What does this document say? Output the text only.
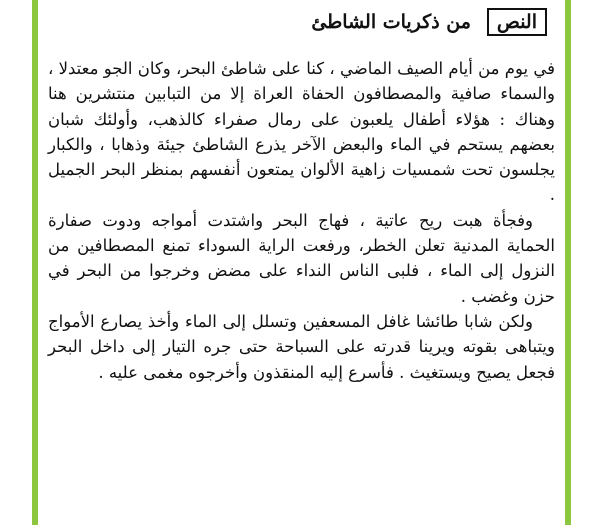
النص
من ذكريات الشاطئ

في يوم من أيام الصيف الماضي ، كنا على شاطئ البحر، وكان الجو معتدلا ، والسماء صافية والمصطافون الحفاة العراة إلا من التبابين منتشرين هنا وهناك : هؤلاء أطفال يلعبون على رمال صفراء كالذهب، وأولئك شبان بعضهم يستحم في الماء والبعض الآخر يذرع الشاطئ جيئة وذهابا ، والكبار يجلسون تحت شمسيات زاهية الألوان يمتعون أنفسهم بمنظر البحر الجميل .

وفجأة هبت ريح عاتية ، فهاج البحر واشتدت أمواجه ودوت صفارة الحماية المدنية تعلن الخطر، ورفعت الراية السوداء تمنع المصطافين من النزول إلى الماء ، فلبى الناس النداء على مضض وخرجوا من البحر في حزن وغضب .

ولكن شابا طائشا غافل المسعفين وتسلل إلى الماء وأخذ يصارع الأمواج ويتباهى بقوته ويرينا قدرته على السباحة حتى جره التيار إلى داخل البحر فجعل يصيح ويستغيث . فأسرع إليه المنقذون وأخرجوه مغمى عليه .
